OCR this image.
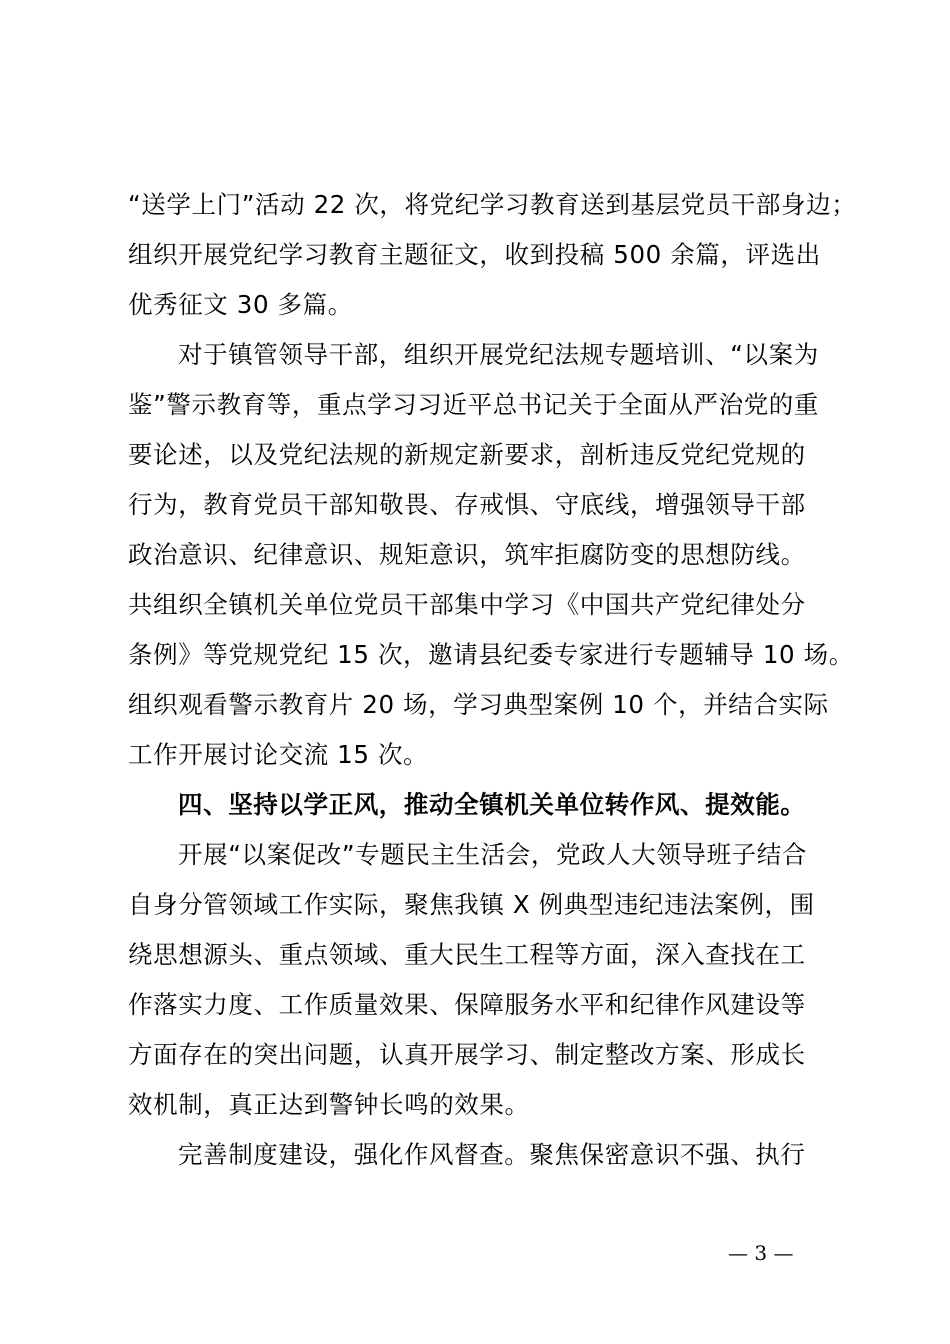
“送学上门”活动 22 次，将党纪学习教育送到基层党员干部身边；
组织开展党纪学习教育主题征文，收到投稿 500 余篇，评选出
优秀征文 30 多篇。
对于镇管领导干部，组织开展党纪法规专题培训、“以案为
鉴”警示教育等，重点学习习近平总书记关于全面从严治党的重
要论述，以及党纪法规的新规定新要求，剖析违反党纪党规的
行为，教育党员干部知敬畏、存戒惧、守底线，增强领导干部
政治意识、纪律意识、规矩意识，筑牢拒腐防变的思想防线。
共组织全镇机关单位党员干部集中学习《中国共产党纪律处分
条例》等党规党纪 15 次，邀请县纪委专家进行专题辅导 10 场。
组织观看警示教育片 20 场，学习典型案例 10 个，并结合实际
工作开展讨论交流 15 次。
四、坚持以学正风，推动全镇机关单位转作风、提效能。
开展“以案促改”专题民主生活会，党政人大领导班子结合
自身分管领域工作实际，聚焦我镇 X 例典型违纪违法案例，围
绕思想源头、重点领域、重大民生工程等方面，深入查找在工
作落实力度、工作质量效果、保障服务水平和纪律作风建设等
方面存在的突出问题，认真开展学习、制定整改方案、形成长
效机制，真正达到警钟长鸣的效果。
完善制度建设，强化作风督查。聚焦保密意识不强、执行
— 3 —
